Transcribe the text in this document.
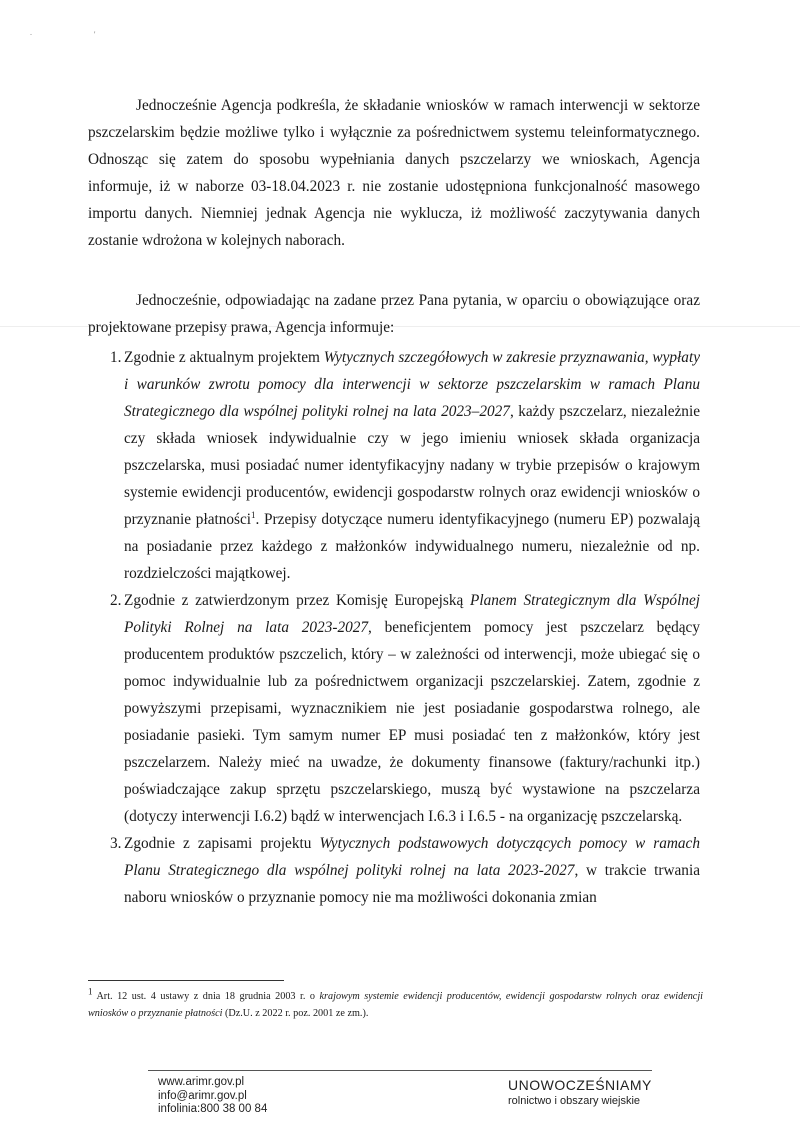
∙ '

Jednocześnie Agencja podkreśla, że składanie wniosków w ramach interwencji w sektorze pszczelarskim będzie możliwe tylko i wyłącznie za pośrednictwem systemu teleinformatycznego. Odnosząc się zatem do sposobu wypełniania danych pszczelarzy we wnioskach, Agencja informuje, iż w naborze 03-18.04.2023 r. nie zostanie udostępniona funkcjonalność masowego importu danych. Niemniej jednak Agencja nie wyklucza, iż możliwość zaczytywania danych zostanie wdrożona w kolejnych naborach.

Jednocześnie, odpowiadając na zadane przez Pana pytania, w oparciu o obowiązujące oraz projektowane przepisy prawa, Agencja informuje:

1. Zgodnie z aktualnym projektem Wytycznych szczegółowych w zakresie przyznawania, wypłaty i warunków zwrotu pomocy dla interwencji w sektorze pszczelarskim w ramach Planu Strategicznego dla wspólnej polityki rolnej na lata 2023–2027, każdy pszczelarz, niezależnie czy składa wniosek indywidualnie czy w jego imieniu wniosek składa organizacja pszczelarska, musi posiadać numer identyfikacyjny nadany w trybie przepisów o krajowym systemie ewidencji producentów, ewidencji gospodarstw rolnych oraz ewidencji wniosków o przyznanie płatności$^1$. Przepisy dotyczące numeru identyfikacyjnego (numeru EP) pozwalają na posiadanie przez każdego z małżonków indywidualnego numeru, niezależnie od np. rozdzielczości majątkowej.
2. Zgodnie z zatwierdzonym przez Komisję Europejską Planem Strategicznym dla Wspólnej Polityki Rolnej na lata 2023-2027, beneficjentem pomocy jest pszczelarz będący producentem produktów pszczelich, który – w zależności od interwencji, może ubiegać się o pomoc indywidualnie lub za pośrednictwem organizacji pszczelarskiej. Zatem, zgodnie z powyższymi przepisami, wyznacznikiem nie jest posiadanie gospodarstwa rolnego, ale posiadanie pasieki. Tym samym numer EP musi posiadać ten z małżonków, który jest pszczelarzem. Należy mieć na uwadze, że dokumenty finansowe (faktury/rachunki itp.) poświadczające zakup sprzętu pszczelarskiego, muszą być wystawione na pszczelarza (dotyczy interwencji I.6.2) bądź w interwencjach I.6.3 i I.6.5 - na organizację pszczelarską.
3. Zgodnie z zapisami projektu Wytycznych podstawowych dotyczących pomocy w ramach Planu Strategicznego dla wspólnej polityki rolnej na lata 2023-2027, w trakcie trwania naboru wniosków o przyznanie pomocy nie ma możliwości dokonania zmian
1 Art. 12 ust. 4 ustawy z dnia 18 grudnia 2003 r. o krajowym systemie ewidencji producentów, ewidencji gospodarstw rolnych oraz ewidencji wniosków o przyznanie płatności (Dz.U. z 2022 r. poz. 2001 ze zm.).
www.arimr.gov.pl
info@arimr.gov.pl
infolinia:800 38 00 84
UNOWOCZEŚNIAMY
rolnictwo i obszary wiejskie
